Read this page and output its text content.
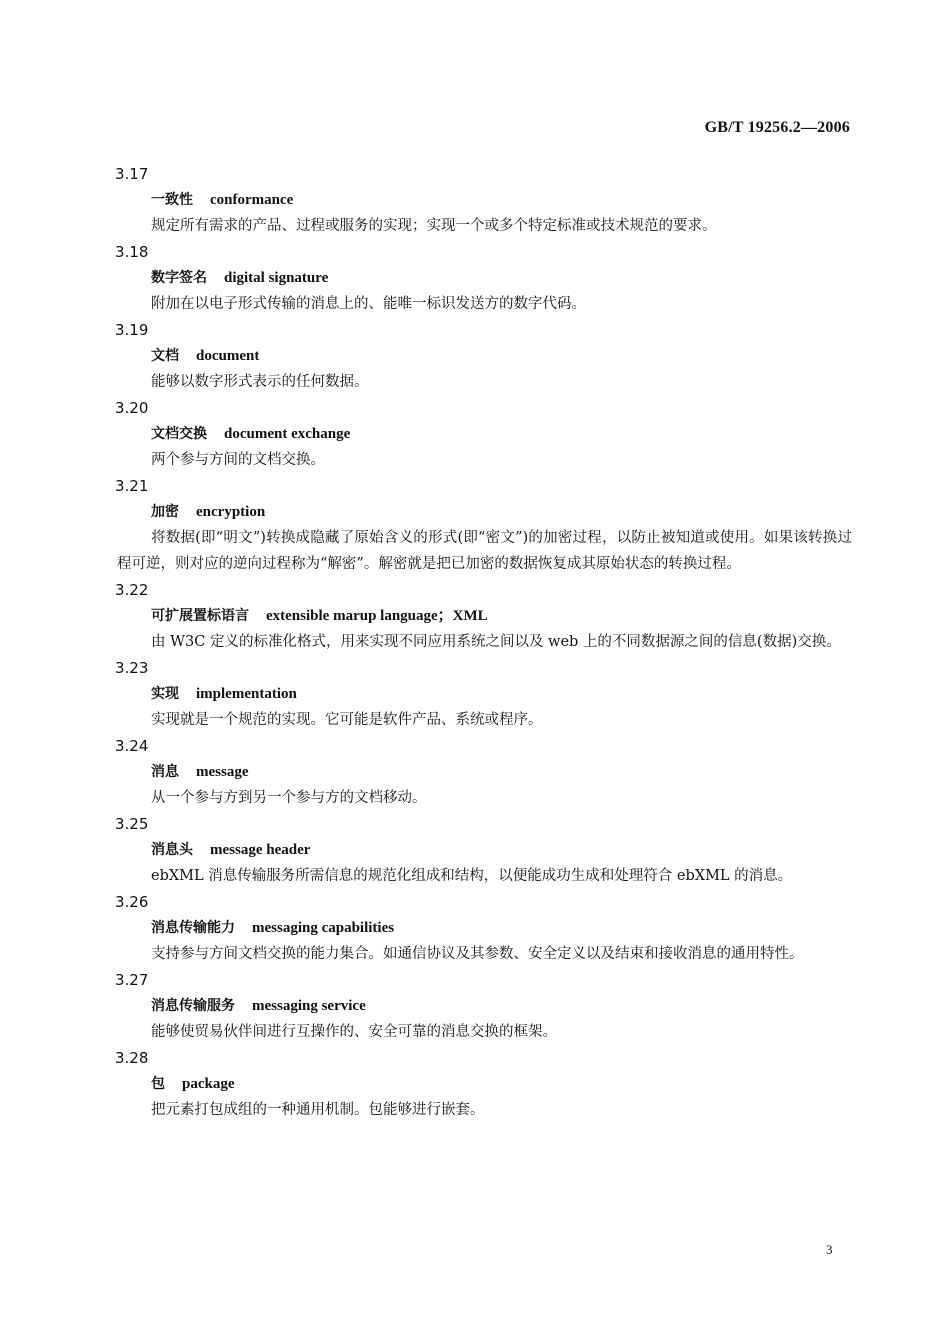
GB/T 19256.2—2006
3.17
一致性 conformance

规定所有需求的产品、过程或服务的实现；实现一个或多个特定标准或技术规范的要求。

3.18
数字签名 digital signature

附加在以电子形式传输的消息上的、能唯一标识发送方的数字代码。

3.19
文档 document

能够以数字形式表示的任何数据。

3.20
文档交换 document exchange

两个参与方间的文档交换。

3.21
加密 encryption

将数据(即“明文”)转换成隐藏了原始含义的形式(即“密文”)的加密过程，以防止被知道或使用。如果该转换过程可逆，则对应的逆向过程称为“解密”。解密就是把已加密的数据恢复成其原始状态的转换过程。

3.22
可扩展置标语言 extensible marup language；XML

由 W3C 定义的标准化格式，用来实现不同应用系统之间以及 web 上的不同数据源之间的信息(数据)交换。

3.23
实现 implementation

实现就是一个规范的实现。它可能是软件产品、系统或程序。

3.24
消息 message

从一个参与方到另一个参与方的文档移动。

3.25
消息头 message header

ebXML 消息传输服务所需信息的规范化组成和结构，以便能成功生成和处理符合 ebXML 的消息。

3.26
消息传输能力 messaging capabilities

支持参与方间文档交换的能力集合。如通信协议及其参数、安全定义以及结束和接收消息的通用特性。

3.27
消息传输服务 messaging service

能够使贸易伙伴间进行互操作的、安全可靠的消息交换的框架。

3.28
包 package

把元素打包成组的一种通用机制。包能够进行嵌套。

3
